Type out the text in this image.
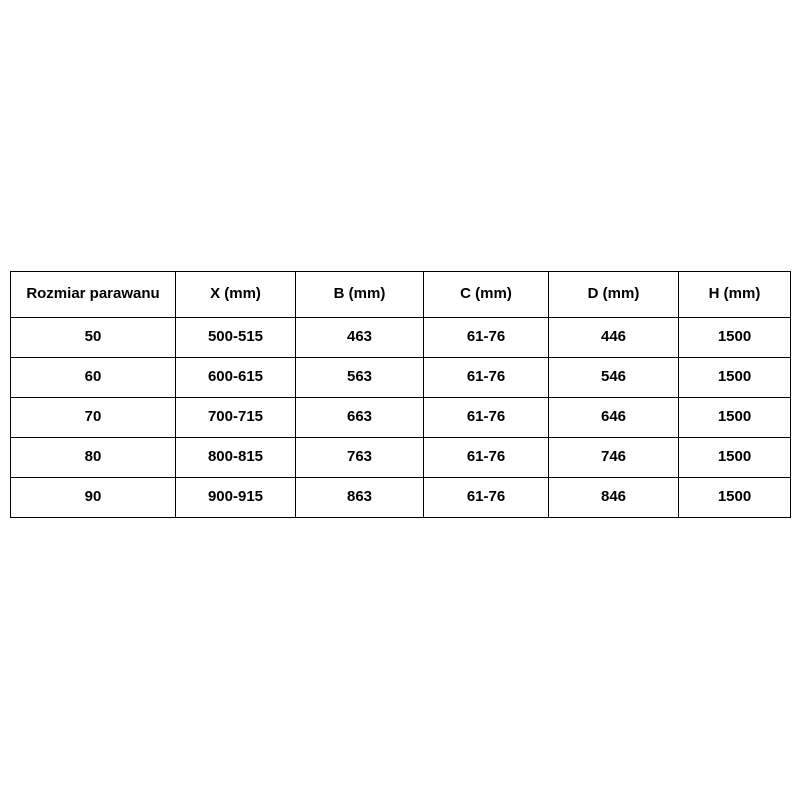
Rozmiar parawanu	X (mm)	B (mm)	C (mm)	D (mm)	H (mm)
50	500-515	463	61-76	446	1500
60	600-615	563	61-76	546	1500
70	700-715	663	61-76	646	1500
80	800-815	763	61-76	746	1500
90	900-915	863	61-76	846	1500
